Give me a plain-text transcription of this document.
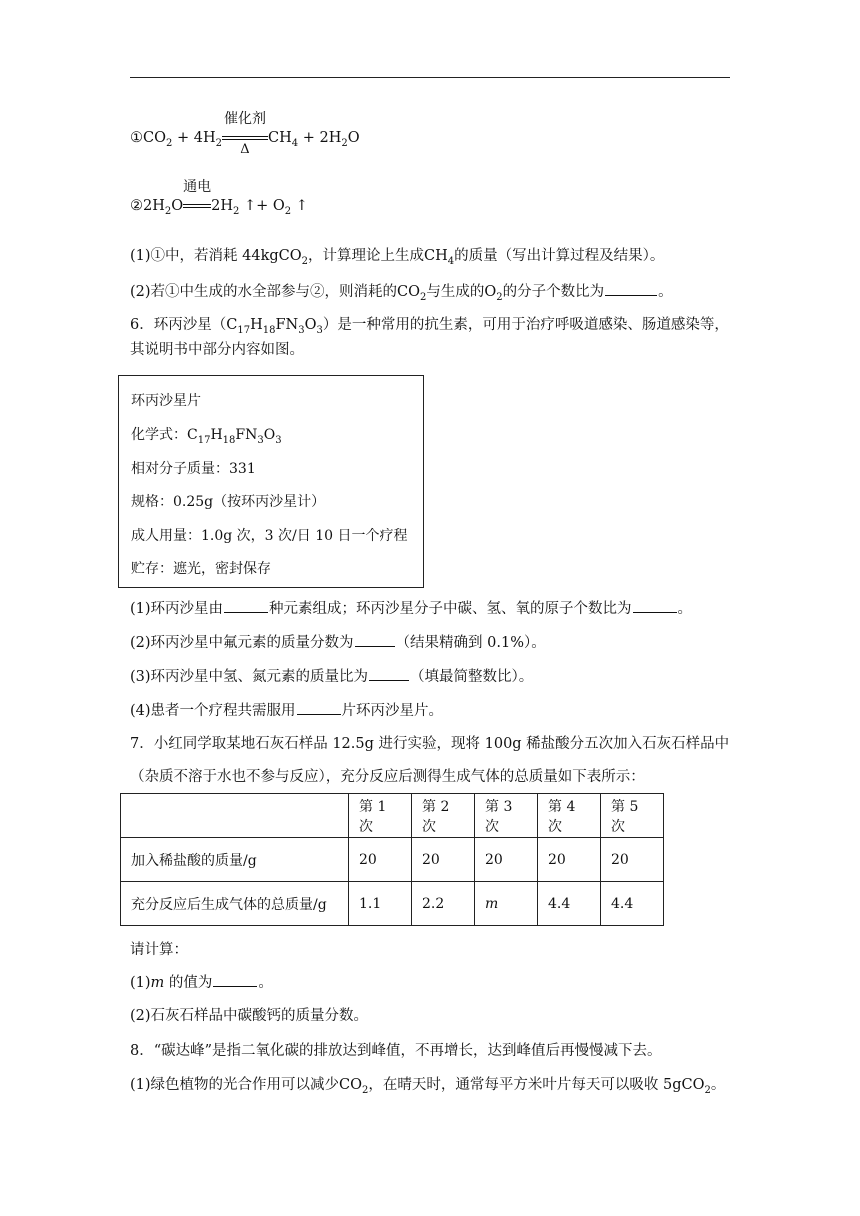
$①CO_2 + 4H_2$
催化剂
Δ
$CH_4 + 2H_2O$
$②2H_2O$
通电
$2H_2$ ↑+ $O_2$ ↑
(1)①中，若消耗 44kgCO$_2$，计算理论上生成$CH_4$的质量（写出计算过程及结果）。
(2)若①中生成的水全部参与②，则消耗的$CO_2$与生成的$O_2$的分子个数比为	。
6．环丙沙星$(C_{17}H_{18}FN_3O_3)$是一种常用的抗生素，可用于治疗呼吸道感染、肠道感染等，
其说明书中部分内容如图。
环丙沙星片
化学式：$C_{17}H_{18}FN_3O_3$
相对分子质量：331
规格：0.25g（按环丙沙星计）
成人用量：1.0g 次，3 次/日 10 日一个疗程
贮存：遮光，密封保存
(1)环丙沙星由	种元素组成；环丙沙星分子中碳、氢、氧的原子个数比为	。
(2)环丙沙星中氟元素的质量分数为	（结果精确到 0.1%）。
(3)环丙沙星中氢、氮元素的质量比为	（填最简整数比）。
(4)患者一个疗程共需服用	片环丙沙星片。
7．小红同学取某地石灰石样品 12.5g 进行实验，现将 100g 稀盐酸分五次加入石灰石样品中
（杂质不溶于水也不参与反应），充分反应后测得生成气体的总质量如下表所示：
	第 1 次	第 2 次	第 3 次	第 4 次	第 5 次
加入稀盐酸的质量/g	20	20	20	20	20
充分反应后生成气体的总质量/g	1.1	2.2	m	4.4	4.4
请计算：
(1)m 的值为	。
(2)石灰石样品中碳酸钙的质量分数。
8．“碳达峰”是指二氧化碳的排放达到峰值，不再增长，达到峰值后再慢慢减下去。
(1)绿色植物的光合作用可以减少$CO_2$，在晴天时，通常每平方米叶片每天可以吸收 5gCO$_2$。
